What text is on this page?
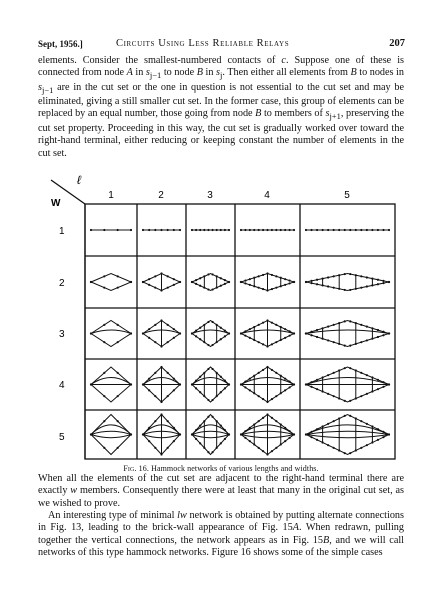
Sept, 1956.]	Circuits Using Less Reliable Relays	207

elements. Consider the smallest-numbered contacts of c. Suppose one of these is connected from node A in $s_{j-1}$ to node B in $s_j$. Then either all elements from B to nodes in $s_{j-1}$ are in the cut set or the one in question is not essential to the cut set and may be eliminated, giving a still smaller cut set. In the former case, this group of elements can be replaced by an equal number, those going from node B to members of $s_{j+1}$, preserving the cut set property. Proceeding in this way, the cut set is gradually worked over toward the right-hand terminal, either reducing or keeping constant the number of elements in the cut set.

ℓ
W
1	2	3	4	5
1
2
3
4
5
Fig. 16. Hammock networks of various lengths and widths.

When all the elements of the cut set are adjacent to the right-hand terminal there are exactly w members. Consequently there were at least that many in the original cut set, as we wished to prove.
An interesting type of minimal lw network is obtained by putting alternate connections in Fig. 13, leading to the brick-wall appearance of Fig. 15A. When redrawn, pulling together the vertical connections, the network appears as in Fig. 15B, and we will call networks of this type hammock networks. Figure 16 shows some of the simple cases
